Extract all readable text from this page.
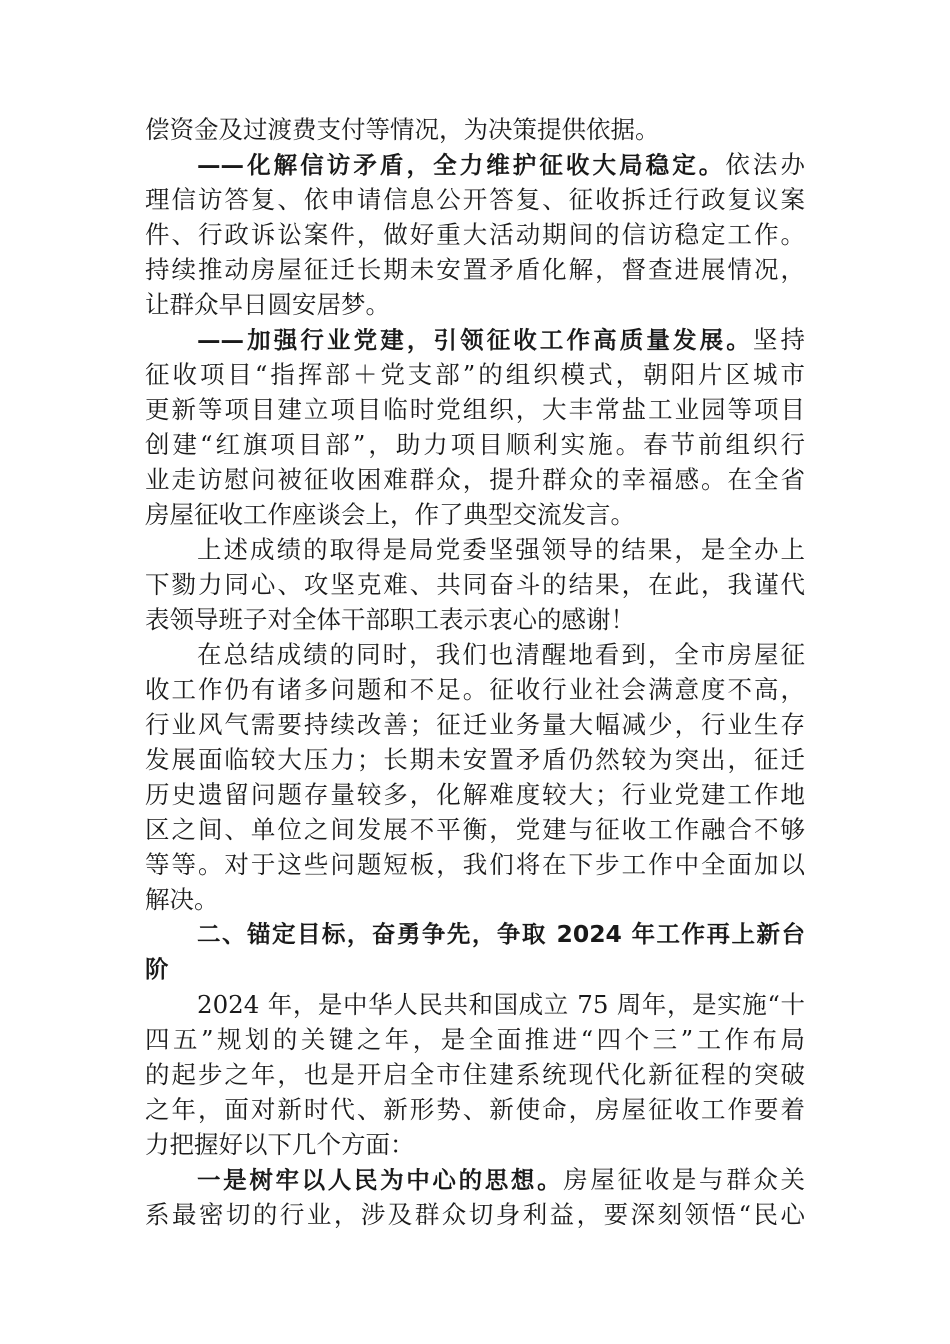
偿资金及过渡费支付等情况，为决策提供依据。
——化解信访矛盾，全力维护征收大局稳定。依法办
理信访答复、依申请信息公开答复、征收拆迁行政复议案
件、行政诉讼案件，做好重大活动期间的信访稳定工作。
持续推动房屋征迁长期未安置矛盾化解，督查进展情况，
让群众早日圆安居梦。
——加强行业党建，引领征收工作高质量发展。坚持
征收项目“指挥部＋党支部”的组织模式，朝阳片区城市
更新等项目建立项目临时党组织，大丰常盐工业园等项目
创建“红旗项目部”，助力项目顺利实施。春节前组织行
业走访慰问被征收困难群众，提升群众的幸福感。在全省
房屋征收工作座谈会上，作了典型交流发言。
上述成绩的取得是局党委坚强领导的结果，是全办上
下勠力同心、攻坚克难、共同奋斗的结果，在此，我谨代
表领导班子对全体干部职工表示衷心的感谢！
在总结成绩的同时，我们也清醒地看到，全市房屋征
收工作仍有诸多问题和不足。征收行业社会满意度不高，
行业风气需要持续改善；征迁业务量大幅减少，行业生存
发展面临较大压力；长期未安置矛盾仍然较为突出，征迁
历史遗留问题存量较多，化解难度较大；行业党建工作地
区之间、单位之间发展不平衡，党建与征收工作融合不够
等等。对于这些问题短板，我们将在下步工作中全面加以
解决。
二、锚定目标，奋勇争先，争取 2024 年工作再上新台
阶
2024 年，是中华人民共和国成立 75 周年，是实施“十
四五”规划的关键之年，是全面推进“四个三”工作布局
的起步之年，也是开启全市住建系统现代化新征程的突破
之年，面对新时代、新形势、新使命，房屋征收工作要着
力把握好以下几个方面：
一是树牢以人民为中心的思想。房屋征收是与群众关
系最密切的行业，涉及群众切身利益，要深刻领悟“民心
